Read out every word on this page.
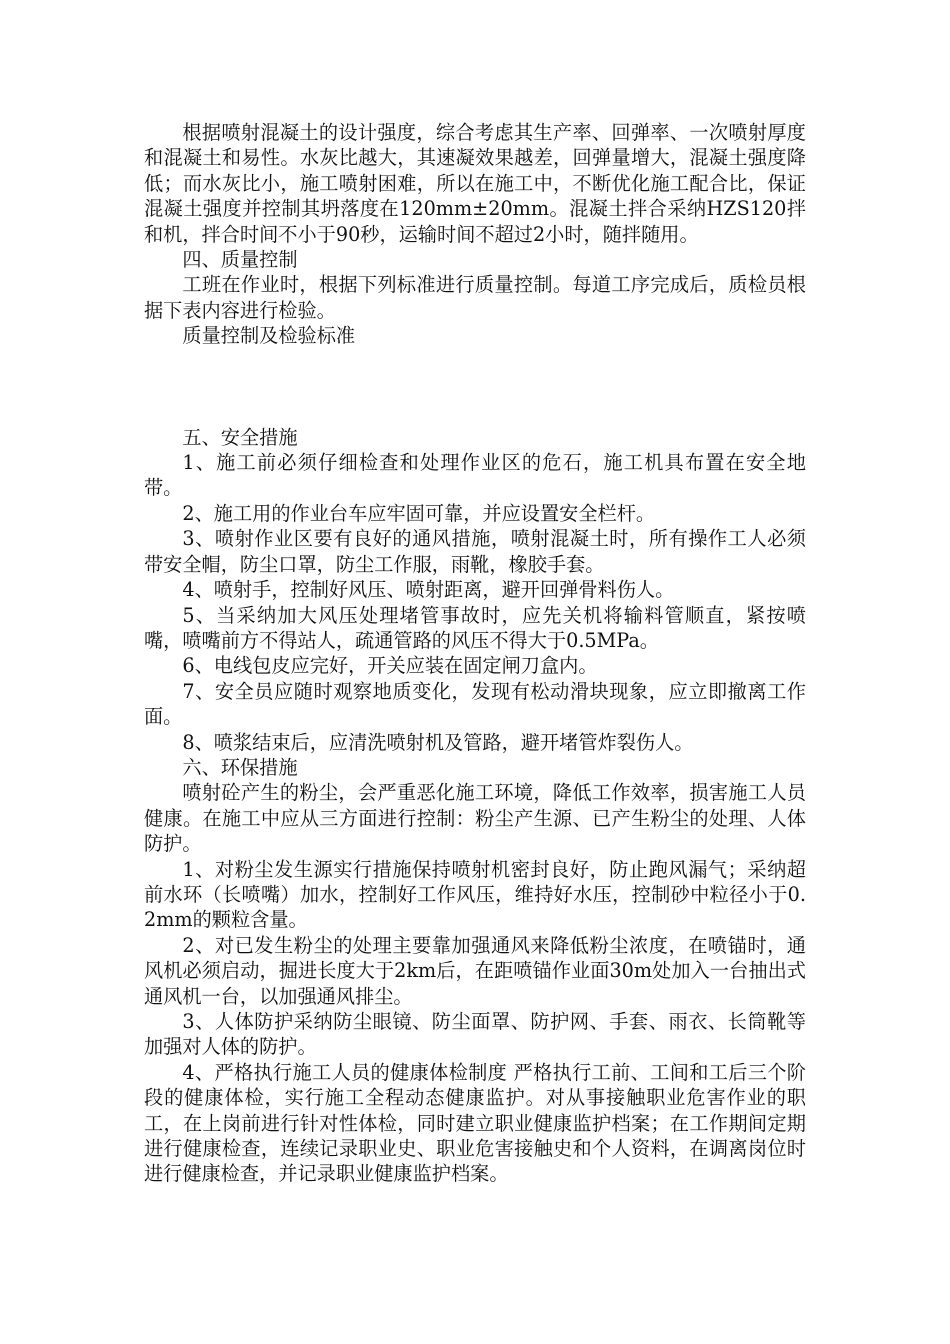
根据喷射混凝土的设计强度，综合考虑其生产率、回弹率、一次喷射厚度和混凝土和易性。水灰比越大，其速凝效果越差，回弹量增大，混凝土强度降低；而水灰比小，施工喷射困难，所以在施工中，不断优化施工配合比，保证混凝土强度并控制其坍落度在120mm±20mm。混凝土拌合采纳HZS120拌和机，拌合时间不小于90秒，运输时间不超过2小时，随拌随用。

四、质量控制

工班在作业时，根据下列标准进行质量控制。每道工序完成后，质检员根据下表内容进行检验。

质量控制及检验标准

五、安全措施

1、施工前必须仔细检查和处理作业区的危石，施工机具布置在安全地带。

2、施工用的作业台车应牢固可靠，并应设置安全栏杆。

3、喷射作业区要有良好的通风措施，喷射混凝土时，所有操作工人必须带安全帽，防尘口罩，防尘工作服，雨靴，橡胶手套。

4、喷射手，控制好风压、喷射距离，避开回弹骨料伤人。

5、当采纳加大风压处理堵管事故时，应先关机将输料管顺直，紧按喷嘴，喷嘴前方不得站人，疏通管路的风压不得大于0.5MPa。

6、电线包皮应完好，开关应装在固定闸刀盒内。

7、安全员应随时观察地质变化，发现有松动滑块现象，应立即撤离工作面。

8、喷浆结束后，应清洗喷射机及管路，避开堵管炸裂伤人。

六、环保措施

喷射砼产生的粉尘，会严重恶化施工环境，降低工作效率，损害施工人员健康。在施工中应从三方面进行控制：粉尘产生源、已产生粉尘的处理、人体防护。

1、对粉尘发生源实行措施保持喷射机密封良好，防止跑风漏气；采纳超前水环（长喷嘴）加水，控制好工作风压，维持好水压，控制砂中粒径小于0.2mm的颗粒含量。

2、对已发生粉尘的处理主要靠加强通风来降低粉尘浓度，在喷锚时，通风机必须启动，掘进长度大于2km后，在距喷锚作业面30m处加入一台抽出式通风机一台，以加强通风排尘。

3、人体防护采纳防尘眼镜、防尘面罩、防护网、手套、雨衣、长筒靴等加强对人体的防护。

4、严格执行施工人员的健康体检制度 严格执行工前、工间和工后三个阶段的健康体检，实行施工全程动态健康监护。对从事接触职业危害作业的职工，在上岗前进行针对性体检，同时建立职业健康监护档案；在工作期间定期进行健康检查，连续记录职业史、职业危害接触史和个人资料，在调离岗位时进行健康检查，并记录职业健康监护档案。
